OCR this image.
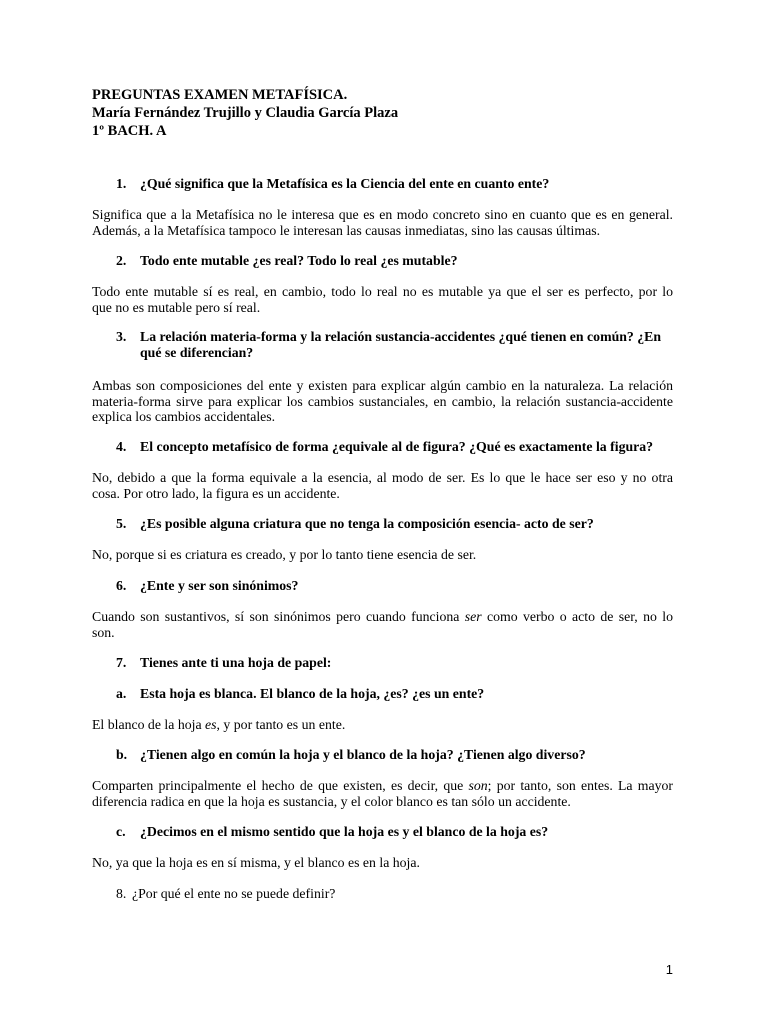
PREGUNTAS EXAMEN METAFÍSICA.
María Fernández Trujillo y Claudia García Plaza
1º BACH. A
1. ¿Qué significa que la Metafísica es la Ciencia del ente en cuanto ente?
Significa que a la Metafísica no le interesa que es en modo concreto sino en cuanto que es en general.
Además, a la Metafísica tampoco le interesan las causas inmediatas, sino las causas últimas.
2. Todo ente mutable ¿es real? Todo lo real ¿es mutable?
Todo ente mutable sí es real, en cambio, todo lo real no es mutable ya que el ser es perfecto, por lo
que no es mutable pero sí real.
3. La relación materia-forma y la relación sustancia-accidentes ¿qué tienen en común? ¿En
qué se diferencian?
Ambas son composiciones del ente y existen para explicar algún cambio en la naturaleza. La relación
materia-forma sirve para explicar los cambios sustanciales, en cambio, la relación sustancia-accidente
explica los cambios accidentales.
4. El concepto metafísico de forma ¿equivale al de figura? ¿Qué es exactamente la figura?
No, debido a que la forma equivale a la esencia, al modo de ser. Es lo que le hace ser eso y no otra
cosa. Por otro lado, la figura es un accidente.
5. ¿Es posible alguna criatura que no tenga la composición esencia- acto de ser?
No, porque si es criatura es creado, y por lo tanto tiene esencia de ser.
6. ¿Ente y ser son sinónimos?
Cuando son sustantivos, sí son sinónimos pero cuando funciona ser como verbo o acto de ser, no lo
son.
7. Tienes ante ti una hoja de papel:
a. Esta hoja es blanca. El blanco de la hoja, ¿es? ¿es un ente?
El blanco de la hoja es, y por tanto es un ente.
b. ¿Tienen algo en común la hoja y el blanco de la hoja? ¿Tienen algo diverso?
Comparten principalmente el hecho de que existen, es decir, que son; por tanto, son entes. La mayor
diferencia radica en que la hoja es sustancia, y el color blanco es tan sólo un accidente.
c. ¿Decimos en el mismo sentido que la hoja es y el blanco de la hoja es?
No, ya que la hoja es en sí misma, y el blanco es en la hoja.
8. ¿Por qué el ente no se puede definir?
1
